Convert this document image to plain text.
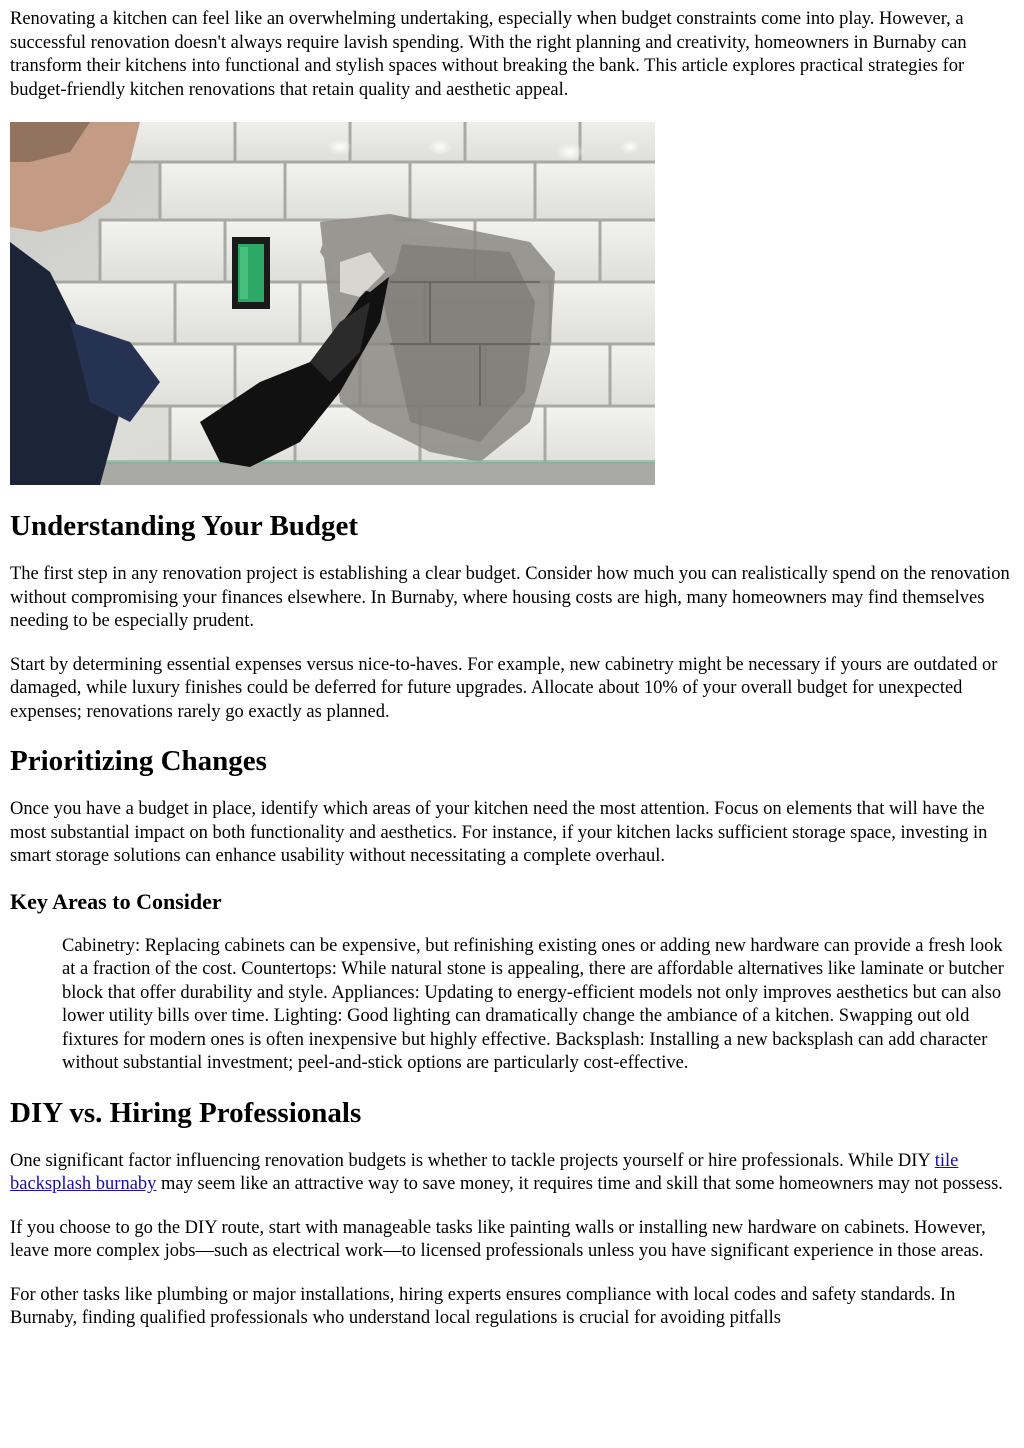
Renovating a kitchen can feel like an overwhelming undertaking, especially when budget constraints come into play. However, a successful renovation doesn't always require lavish spending. With the right planning and creativity, homeowners in Burnaby can transform their kitchens into functional and stylish spaces without breaking the bank. This article explores practical strategies for budget-friendly kitchen renovations that retain quality and aesthetic appeal.

Understanding Your Budget

The first step in any renovation project is establishing a clear budget. Consider how much you can realistically spend on the renovation without compromising your finances elsewhere. In Burnaby, where housing costs are high, many homeowners may find themselves needing to be especially prudent.

Start by determining essential expenses versus nice-to-haves. For example, new cabinetry might be necessary if yours are outdated or damaged, while luxury finishes could be deferred for future upgrades. Allocate about 10% of your overall budget for unexpected expenses; renovations rarely go exactly as planned.

Prioritizing Changes

Once you have a budget in place, identify which areas of your kitchen need the most attention. Focus on elements that will have the most substantial impact on both functionality and aesthetics. For instance, if your kitchen lacks sufficient storage space, investing in smart storage solutions can enhance usability without necessitating a complete overhaul.

Key Areas to Consider
Cabinetry: Replacing cabinets can be expensive, but refinishing existing ones or adding new hardware can provide a fresh look at a fraction of the cost. Countertops: While natural stone is appealing, there are affordable alternatives like laminate or butcher block that offer durability and style. Appliances: Updating to energy-efficient models not only improves aesthetics but can also lower utility bills over time. Lighting: Good lighting can dramatically change the ambiance of a kitchen. Swapping out old fixtures for modern ones is often inexpensive but highly effective. Backsplash: Installing a new backsplash can add character without substantial investment; peel-and-stick options are particularly cost-effective.
DIY vs. Hiring Professionals

One significant factor influencing renovation budgets is whether to tackle projects yourself or hire professionals. While DIY tile backsplash burnaby may seem like an attractive way to save money, it requires time and skill that some homeowners may not possess.

If you choose to go the DIY route, start with manageable tasks like painting walls or installing new hardware on cabinets. However, leave more complex jobs—such as electrical work—to licensed professionals unless you have significant experience in those areas.

For other tasks like plumbing or major installations, hiring experts ensures compliance with local codes and safety standards. In Burnaby, finding qualified professionals who understand local regulations is crucial for avoiding pitfalls
